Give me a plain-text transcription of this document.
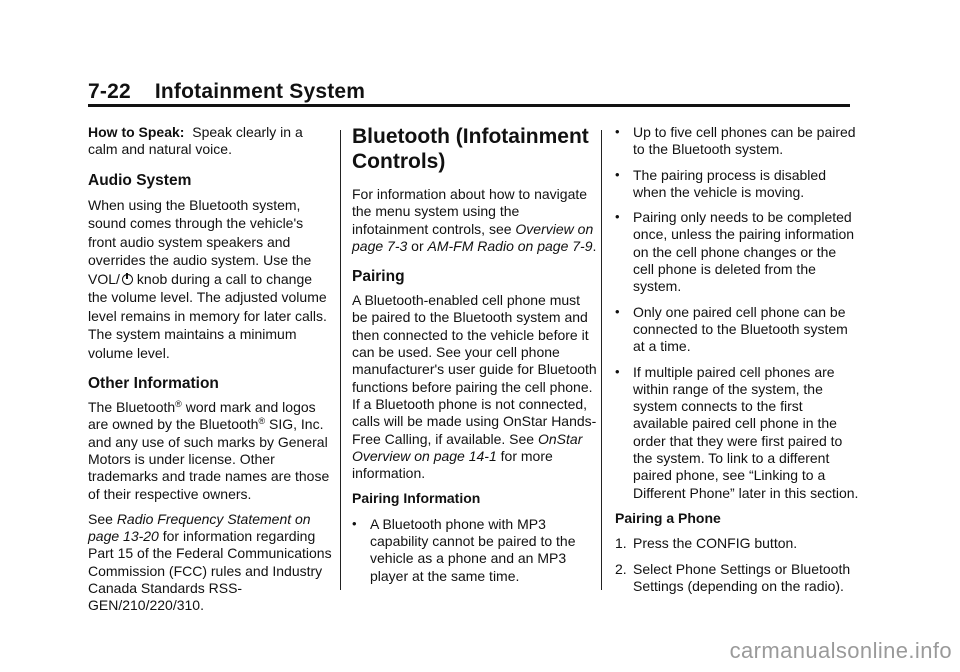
7-22 Infotainment System

How to Speak: Speak clearly in a calm and natural voice.

Audio System

When using the Bluetooth system, sound comes through the vehicle's front audio system speakers and overrides the audio system. Use the VOL/ knob during a call to change the volume level. The adjusted volume level remains in memory for later calls. The system maintains a minimum volume level.

Other Information

The Bluetooth® word mark and logos are owned by the Bluetooth® SIG, Inc. and any use of such marks by General Motors is under license. Other trademarks and trade names are those of their respective owners.

See Radio Frequency Statement on page 13-20 for information regarding Part 15 of the Federal Communications Commission (FCC) rules and Industry Canada Standards RSS-GEN/210/220/310.

Bluetooth (Infotainment Controls)

For information about how to navigate the menu system using the infotainment controls, see Overview on page 7-3 or AM-FM Radio on page 7-9.

Pairing

A Bluetooth-enabled cell phone must be paired to the Bluetooth system and then connected to the vehicle before it can be used. See your cell phone manufacturer's user guide for Bluetooth functions before pairing the cell phone. If a Bluetooth phone is not connected, calls will be made using OnStar Hands-Free Calling, if available. See OnStar Overview on page 14-1 for more information.

Pairing Information

• A Bluetooth phone with MP3 capability cannot be paired to the vehicle as a phone and an MP3 player at the same time.
• Up to five cell phones can be paired to the Bluetooth system.
• The pairing process is disabled when the vehicle is moving.
• Pairing only needs to be completed once, unless the pairing information on the cell phone changes or the cell phone is deleted from the system.
• Only one paired cell phone can be connected to the Bluetooth system at a time.
• If multiple paired cell phones are within range of the system, the system connects to the first available paired cell phone in the order that they were first paired to the system. To link to a different paired phone, see “Linking to a Different Phone” later in this section.

Pairing a Phone

1. Press the CONFIG button.
2. Select Phone Settings or Bluetooth Settings (depending on the radio).
carmanualsonline.info
